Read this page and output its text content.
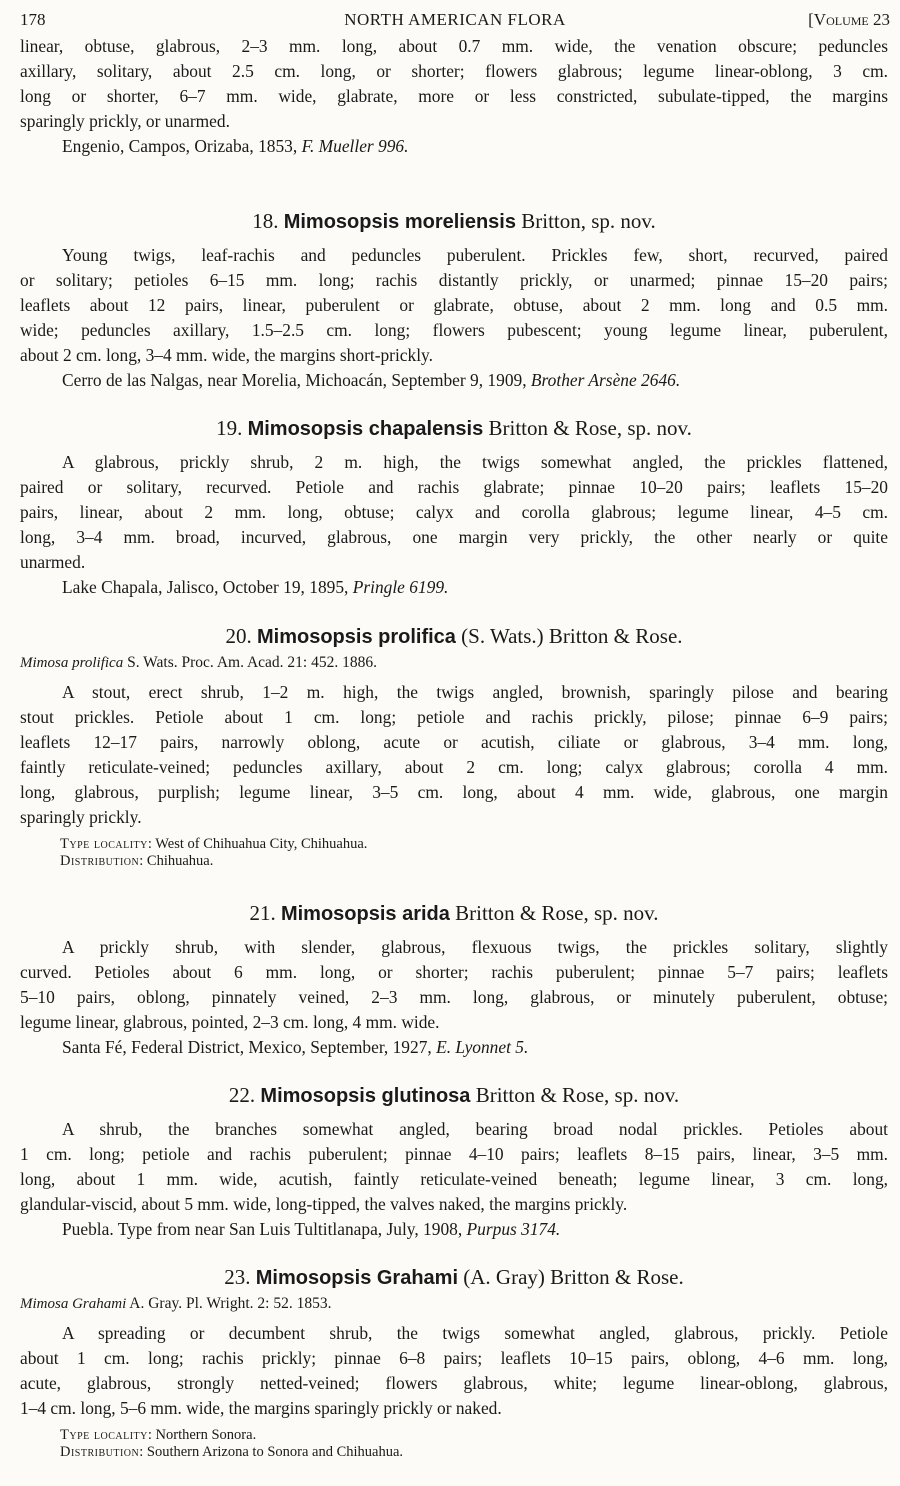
178	NORTH AMERICAN FLORA	[Volume 23
linear, obtuse, glabrous, 2–3 mm. long, about 0.7 mm. wide, the venation obscure; peduncles
axillary, solitary, about 2.5 cm. long, or shorter; flowers glabrous; legume linear-oblong, 3 cm.
long or shorter, 6–7 mm. wide, glabrate, more or less constricted, subulate-tipped, the margins
sparingly prickly, or unarmed.
Engenio, Campos, Orizaba, 1853, F. Mueller 996.
18. Mimosopsis moreliensis Britton, sp. nov.
Young twigs, leaf-rachis and peduncles puberulent. Prickles few, short, recurved, paired
or solitary; petioles 6–15 mm. long; rachis distantly prickly, or unarmed; pinnae 15–20 pairs;
leaflets about 12 pairs, linear, puberulent or glabrate, obtuse, about 2 mm. long and 0.5 mm.
wide; peduncles axillary, 1.5–2.5 cm. long; flowers pubescent; young legume linear, puberulent,
about 2 cm. long, 3–4 mm. wide, the margins short-prickly.
Cerro de las Nalgas, near Morelia, Michoacán, September 9, 1909, Brother Arsène 2646.
19. Mimosopsis chapalensis Britton & Rose, sp. nov.
A glabrous, prickly shrub, 2 m. high, the twigs somewhat angled, the prickles flattened,
paired or solitary, recurved. Petiole and rachis glabrate; pinnae 10–20 pairs; leaflets 15–20
pairs, linear, about 2 mm. long, obtuse; calyx and corolla glabrous; legume linear, 4–5 cm.
long, 3–4 mm. broad, incurved, glabrous, one margin very prickly, the other nearly or quite
unarmed.
Lake Chapala, Jalisco, October 19, 1895, Pringle 6199.
20. Mimosopsis prolifica (S. Wats.) Britton & Rose.
Mimosa prolifica S. Wats. Proc. Am. Acad. 21: 452. 1886.
A stout, erect shrub, 1–2 m. high, the twigs angled, brownish, sparingly pilose and bearing
stout prickles. Petiole about 1 cm. long; petiole and rachis prickly, pilose; pinnae 6–9 pairs;
leaflets 12–17 pairs, narrowly oblong, acute or acutish, ciliate or glabrous, 3–4 mm. long,
faintly reticulate-veined; peduncles axillary, about 2 cm. long; calyx glabrous; corolla 4 mm.
long, glabrous, purplish; legume linear, 3–5 cm. long, about 4 mm. wide, glabrous, one margin
sparingly prickly.
Type locality: West of Chihuahua City, Chihuahua.
Distribution: Chihuahua.
21. Mimosopsis arida Britton & Rose, sp. nov.
A prickly shrub, with slender, glabrous, flexuous twigs, the prickles solitary, slightly
curved. Petioles about 6 mm. long, or shorter; rachis puberulent; pinnae 5–7 pairs; leaflets
5–10 pairs, oblong, pinnately veined, 2–3 mm. long, glabrous, or minutely puberulent, obtuse;
legume linear, glabrous, pointed, 2–3 cm. long, 4 mm. wide.
Santa Fé, Federal District, Mexico, September, 1927, E. Lyonnet 5.
22. Mimosopsis glutinosa Britton & Rose, sp. nov.
A shrub, the branches somewhat angled, bearing broad nodal prickles. Petioles about
1 cm. long; petiole and rachis puberulent; pinnae 4–10 pairs; leaflets 8–15 pairs, linear, 3–5 mm.
long, about 1 mm. wide, acutish, faintly reticulate-veined beneath; legume linear, 3 cm. long,
glandular-viscid, about 5 mm. wide, long-tipped, the valves naked, the margins prickly.
Puebla. Type from near San Luis Tultitlanapa, July, 1908, Purpus 3174.
23. Mimosopsis Grahami (A. Gray) Britton & Rose.
Mimosa Grahami A. Gray. Pl. Wright. 2: 52. 1853.
A spreading or decumbent shrub, the twigs somewhat angled, glabrous, prickly. Petiole
about 1 cm. long; rachis prickly; pinnae 6–8 pairs; leaflets 10–15 pairs, oblong, 4–6 mm. long,
acute, glabrous, strongly netted-veined; flowers glabrous, white; legume linear-oblong, glabrous,
1–4 cm. long, 5–6 mm. wide, the margins sparingly prickly or naked.
Type locality: Northern Sonora.
Distribution: Southern Arizona to Sonora and Chihuahua.
